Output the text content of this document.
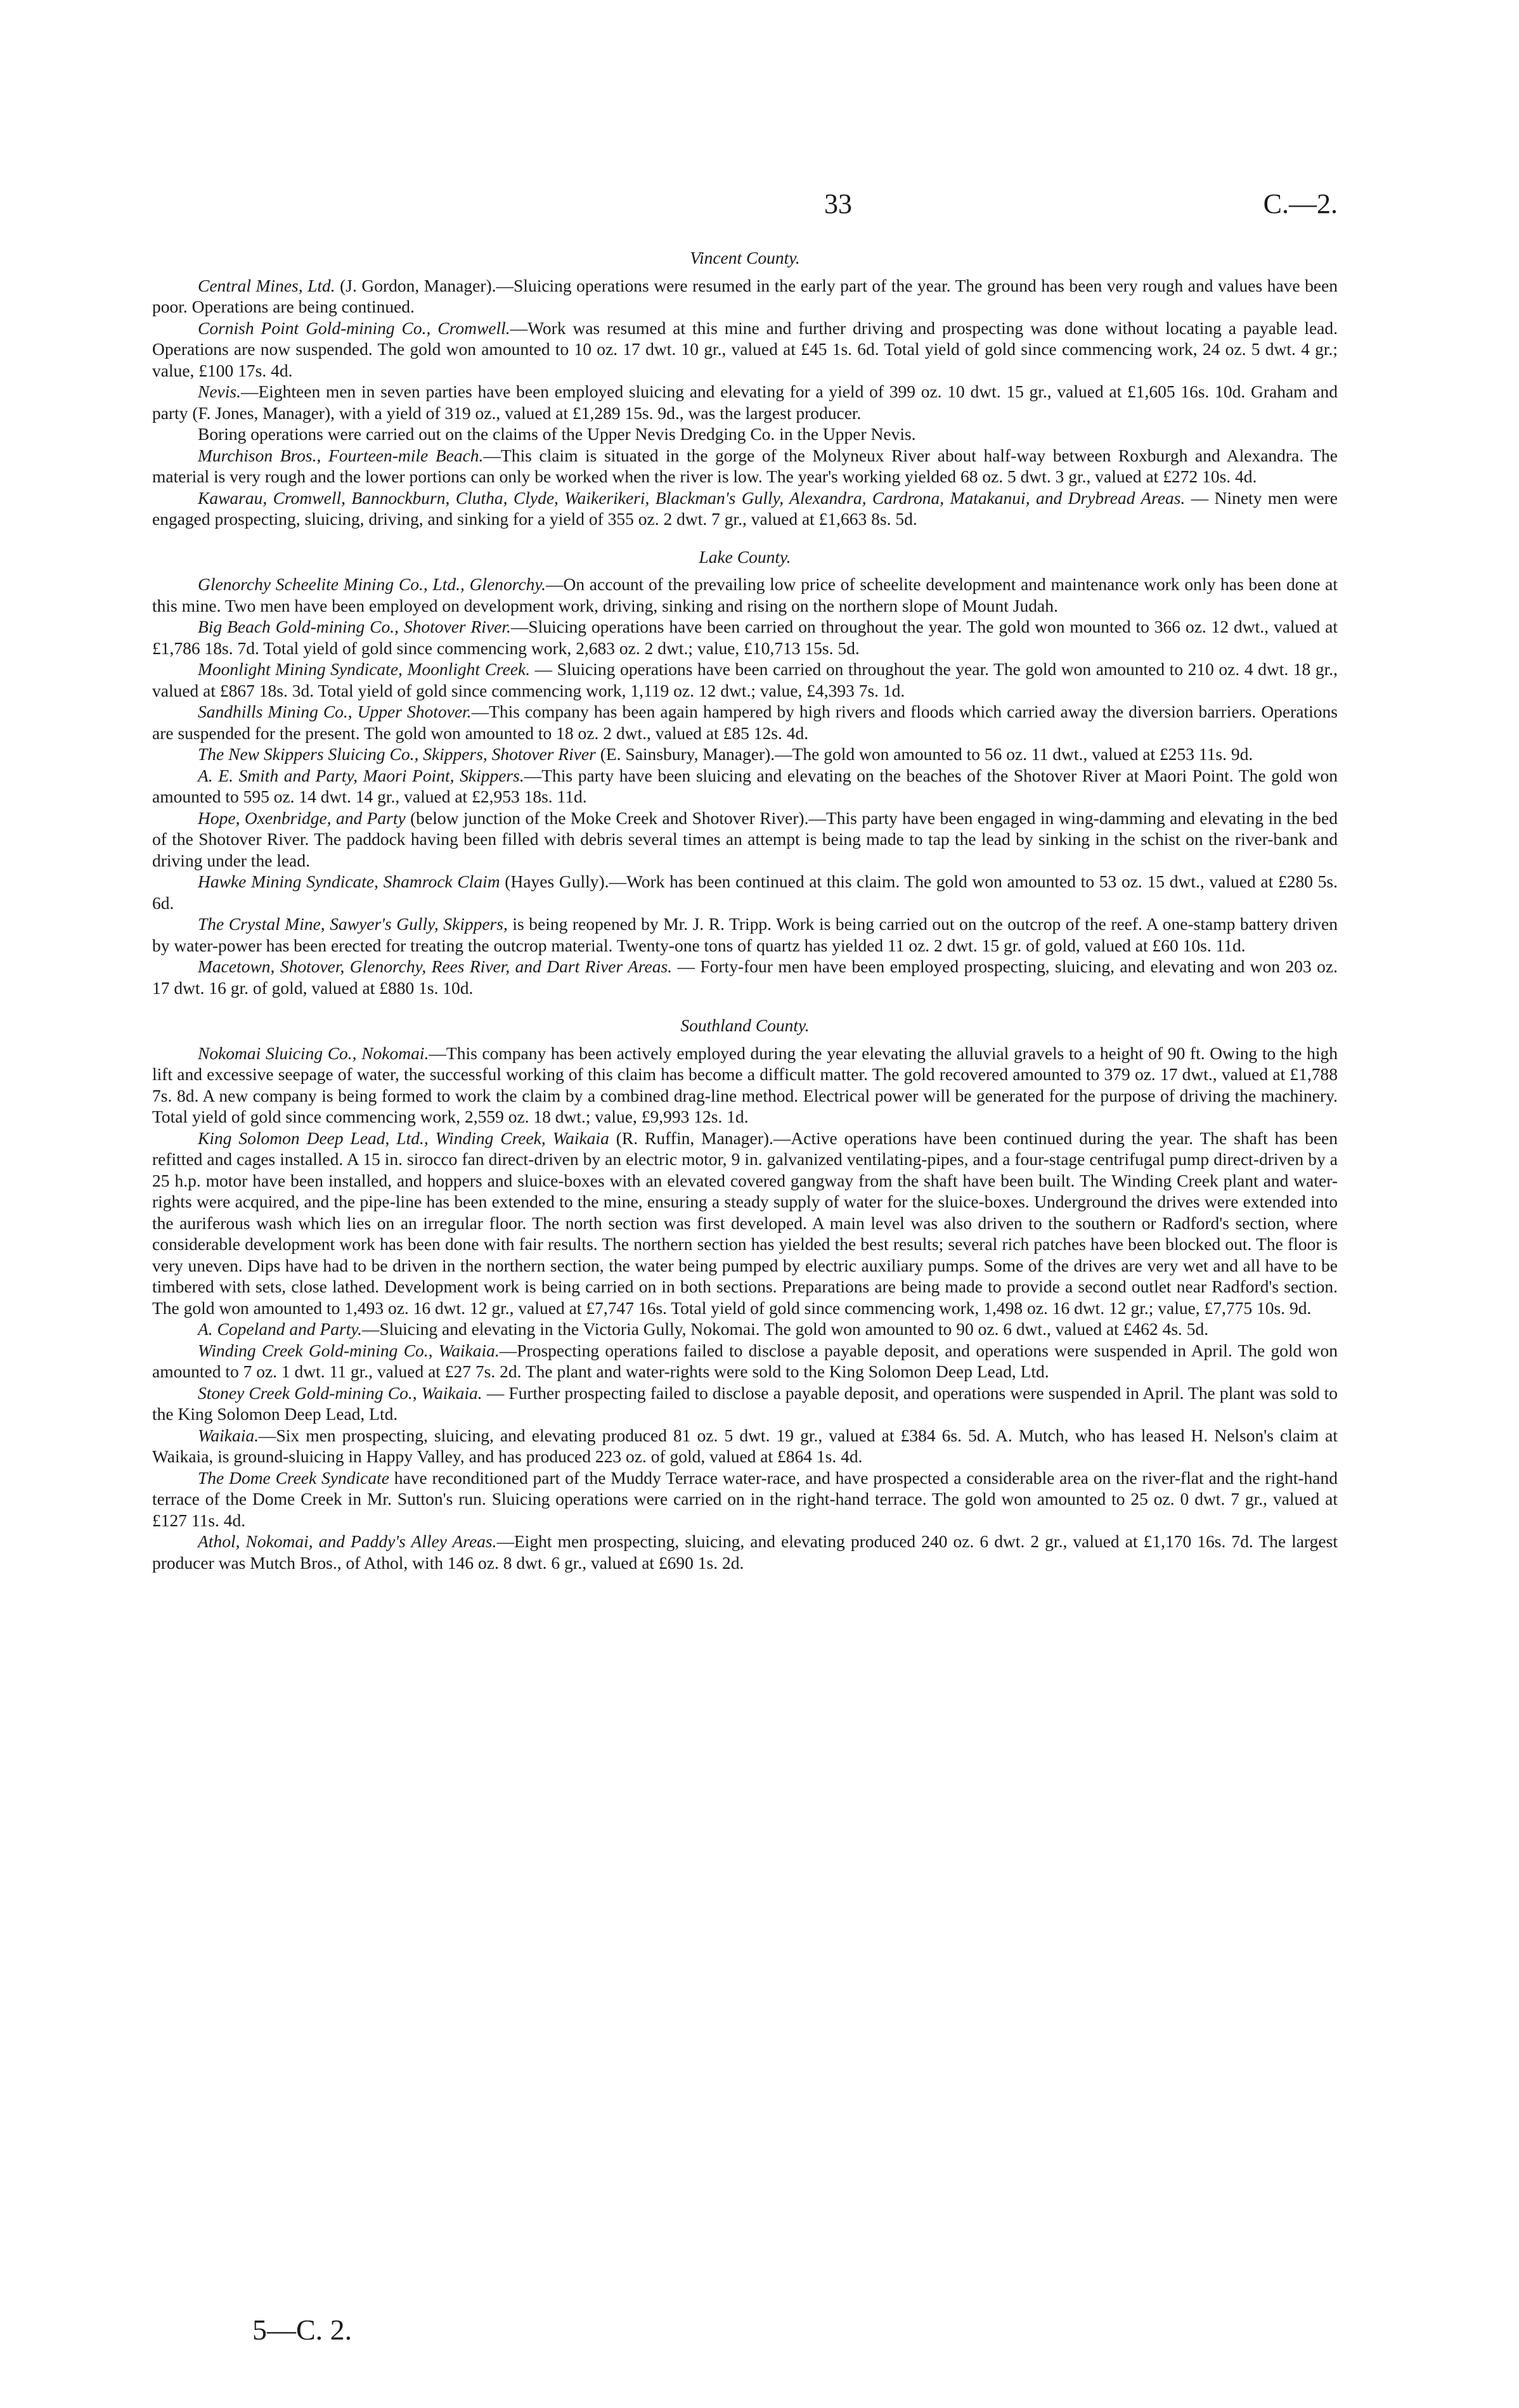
33	C.—2.
Vincent County.

Central Mines, Ltd. (J. Gordon, Manager).—Sluicing operations were resumed in the early part of the year. The ground has been very rough and values have been poor. Operations are being continued.

Cornish Point Gold-mining Co., Cromwell.—Work was resumed at this mine and further driving and prospecting was done without locating a payable lead. Operations are now suspended. The gold won amounted to 10 oz. 17 dwt. 10 gr., valued at £45 1s. 6d. Total yield of gold since commencing work, 24 oz. 5 dwt. 4 gr.; value, £100 17s. 4d.

Nevis.—Eighteen men in seven parties have been employed sluicing and elevating for a yield of 399 oz. 10 dwt. 15 gr., valued at £1,605 16s. 10d. Graham and party (F. Jones, Manager), with a yield of 319 oz., valued at £1,289 15s. 9d., was the largest producer.

Boring operations were carried out on the claims of the Upper Nevis Dredging Co. in the Upper Nevis.

Murchison Bros., Fourteen-mile Beach.—This claim is situated in the gorge of the Molyneux River about half-way between Roxburgh and Alexandra. The material is very rough and the lower portions can only be worked when the river is low. The year's working yielded 68 oz. 5 dwt. 3 gr., valued at £272 10s. 4d.

Kawarau, Cromwell, Bannockburn, Clutha, Clyde, Waikerikeri, Blackman's Gully, Alexandra, Cardrona, Matakanui, and Drybread Areas. — Ninety men were engaged prospecting, sluicing, driving, and sinking for a yield of 355 oz. 2 dwt. 7 gr., valued at £1,663 8s. 5d.

Lake County.

Glenorchy Scheelite Mining Co., Ltd., Glenorchy.—On account of the prevailing low price of scheelite development and maintenance work only has been done at this mine. Two men have been employed on development work, driving, sinking and rising on the northern slope of Mount Judah.

Big Beach Gold-mining Co., Shotover River.—Sluicing operations have been carried on throughout the year. The gold won mounted to 366 oz. 12 dwt., valued at £1,786 18s. 7d. Total yield of gold since commencing work, 2,683 oz. 2 dwt.; value, £10,713 15s. 5d.

Moonlight Mining Syndicate, Moonlight Creek. — Sluicing operations have been carried on throughout the year. The gold won amounted to 210 oz. 4 dwt. 18 gr., valued at £867 18s. 3d. Total yield of gold since commencing work, 1,119 oz. 12 dwt.; value, £4,393 7s. 1d.

Sandhills Mining Co., Upper Shotover.—This company has been again hampered by high rivers and floods which carried away the diversion barriers. Operations are suspended for the present. The gold won amounted to 18 oz. 2 dwt., valued at £85 12s. 4d.

The New Skippers Sluicing Co., Skippers, Shotover River (E. Sainsbury, Manager).—The gold won amounted to 56 oz. 11 dwt., valued at £253 11s. 9d.

A. E. Smith and Party, Maori Point, Skippers.—This party have been sluicing and elevating on the beaches of the Shotover River at Maori Point. The gold won amounted to 595 oz. 14 dwt. 14 gr., valued at £2,953 18s. 11d.

Hope, Oxenbridge, and Party (below junction of the Moke Creek and Shotover River).—This party have been engaged in wing-damming and elevating in the bed of the Shotover River. The paddock having been filled with debris several times an attempt is being made to tap the lead by sinking in the schist on the river-bank and driving under the lead.

Hawke Mining Syndicate, Shamrock Claim (Hayes Gully).—Work has been continued at this claim. The gold won amounted to 53 oz. 15 dwt., valued at £280 5s. 6d.

The Crystal Mine, Sawyer's Gully, Skippers, is being reopened by Mr. J. R. Tripp. Work is being carried out on the outcrop of the reef. A one-stamp battery driven by water-power has been erected for treating the outcrop material. Twenty-one tons of quartz has yielded 11 oz. 2 dwt. 15 gr. of gold, valued at £60 10s. 11d.

Macetown, Shotover, Glenorchy, Rees River, and Dart River Areas. — Forty-four men have been employed prospecting, sluicing, and elevating and won 203 oz. 17 dwt. 16 gr. of gold, valued at £880 1s. 10d.

Southland County.

Nokomai Sluicing Co., Nokomai.—This company has been actively employed during the year elevating the alluvial gravels to a height of 90 ft. Owing to the high lift and excessive seepage of water, the successful working of this claim has become a difficult matter. The gold recovered amounted to 379 oz. 17 dwt., valued at £1,788 7s. 8d. A new company is being formed to work the claim by a combined drag-line method. Electrical power will be generated for the purpose of driving the machinery. Total yield of gold since commencing work, 2,559 oz. 18 dwt.; value, £9,993 12s. 1d.

King Solomon Deep Lead, Ltd., Winding Creek, Waikaia (R. Ruffin, Manager).—Active operations have been continued during the year. The shaft has been refitted and cages installed. A 15 in. sirocco fan direct-driven by an electric motor, 9 in. galvanized ventilating-pipes, and a four-stage centrifugal pump direct-driven by a 25 h.p. motor have been installed, and hoppers and sluice-boxes with an elevated covered gangway from the shaft have been built. The Winding Creek plant and water-rights were acquired, and the pipe-line has been extended to the mine, ensuring a steady supply of water for the sluice-boxes. Underground the drives were extended into the auriferous wash which lies on an irregular floor. The north section was first developed. A main level was also driven to the southern or Radford's section, where considerable development work has been done with fair results. The northern section has yielded the best results; several rich patches have been blocked out. The floor is very uneven. Dips have had to be driven in the northern section, the water being pumped by electric auxiliary pumps. Some of the drives are very wet and all have to be timbered with sets, close lathed. Development work is being carried on in both sections. Preparations are being made to provide a second outlet near Radford's section. The gold won amounted to 1,493 oz. 16 dwt. 12 gr., valued at £7,747 16s. Total yield of gold since commencing work, 1,498 oz. 16 dwt. 12 gr.; value, £7,775 10s. 9d.

A. Copeland and Party.—Sluicing and elevating in the Victoria Gully, Nokomai. The gold won amounted to 90 oz. 6 dwt., valued at £462 4s. 5d.

Winding Creek Gold-mining Co., Waikaia.—Prospecting operations failed to disclose a payable deposit, and operations were suspended in April. The gold won amounted to 7 oz. 1 dwt. 11 gr., valued at £27 7s. 2d. The plant and water-rights were sold to the King Solomon Deep Lead, Ltd.

Stoney Creek Gold-mining Co., Waikaia. — Further prospecting failed to disclose a payable deposit, and operations were suspended in April. The plant was sold to the King Solomon Deep Lead, Ltd.

Waikaia.—Six men prospecting, sluicing, and elevating produced 81 oz. 5 dwt. 19 gr., valued at £384 6s. 5d. A. Mutch, who has leased H. Nelson's claim at Waikaia, is ground-sluicing in Happy Valley, and has produced 223 oz. of gold, valued at £864 1s. 4d.

The Dome Creek Syndicate have reconditioned part of the Muddy Terrace water-race, and have prospected a considerable area on the river-flat and the right-hand terrace of the Dome Creek in Mr. Sutton's run. Sluicing operations were carried on in the right-hand terrace. The gold won amounted to 25 oz. 0 dwt. 7 gr., valued at £127 11s. 4d.

Athol, Nokomai, and Paddy's Alley Areas.—Eight men prospecting, sluicing, and elevating produced 240 oz. 6 dwt. 2 gr., valued at £1,170 16s. 7d. The largest producer was Mutch Bros., of Athol, with 146 oz. 8 dwt. 6 gr., valued at £690 1s. 2d.

5—C. 2.
